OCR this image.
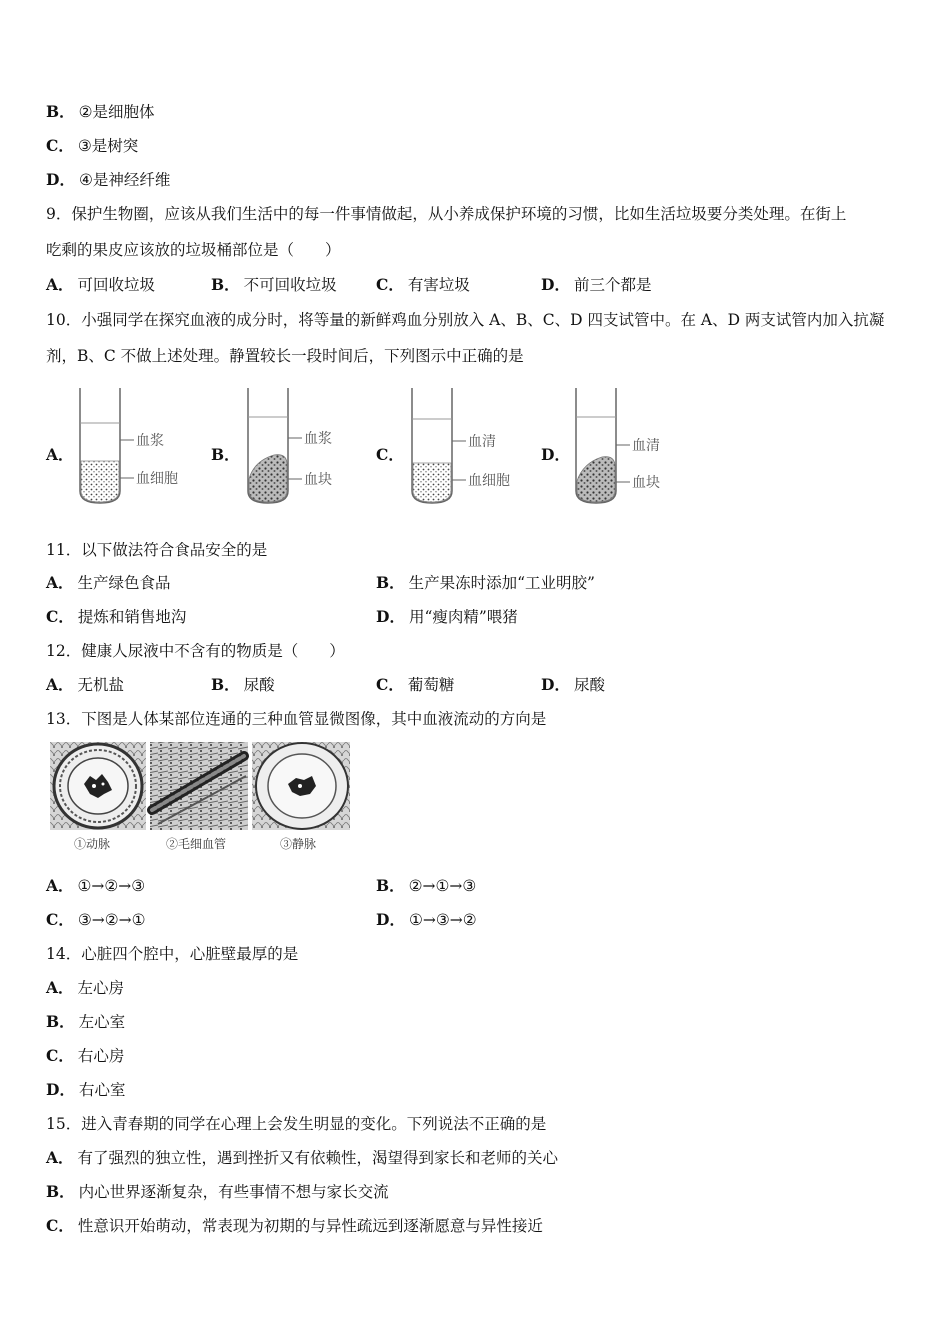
B． ②是细胞体
C． ③是树突
D． ④是神经纤维
9．保护生物圈，应该从我们生活中的每一件事情做起，从小养成保护环境的习惯，比如生活垃圾要分类处理。在街上
吃剩的果皮应该放的垃圾桶部位是（　　）
A． 可回收垃圾	B． 不可回收垃圾	C． 有害垃圾	D． 前三个都是
10．小强同学在探究血液的成分时，将等量的新鲜鸡血分别放入 A、B、C、D 四支试管中。在 A、D 两支试管内加入抗凝
剂，B、C 不做上述处理。静置较长一段时间后，下列图示中正确的是
A．	B．	C．	D．
血浆
血细胞
血浆
血块
血清
血细胞
血清
血块
11．以下做法符合食品安全的是
A． 生产绿色食品	B． 生产果冻时添加“工业明胶”
C． 提炼和销售地沟	D． 用“瘦肉精”喂猪
12．健康人尿液中不含有的物质是（　　）
A． 无机盐	B． 尿酸	C． 葡萄糖	D． 尿酸
13．下图是人体某部位连通的三种血管显微图像，其中血液流动的方向是
①动脉	②毛细血管	③静脉
A． ①→②→③	B． ②→①→③
C． ③→②→①	D． ①→③→②
14．心脏四个腔中，心脏壁最厚的是
A． 左心房
B． 左心室
C． 右心房
D． 右心室
15．进入青春期的同学在心理上会发生明显的变化。下列说法不正确的是
A． 有了强烈的独立性，遇到挫折又有依赖性，渴望得到家长和老师的关心
B． 内心世界逐渐复杂，有些事情不想与家长交流
C． 性意识开始萌动，常表现为初期的与异性疏远到逐渐愿意与异性接近
